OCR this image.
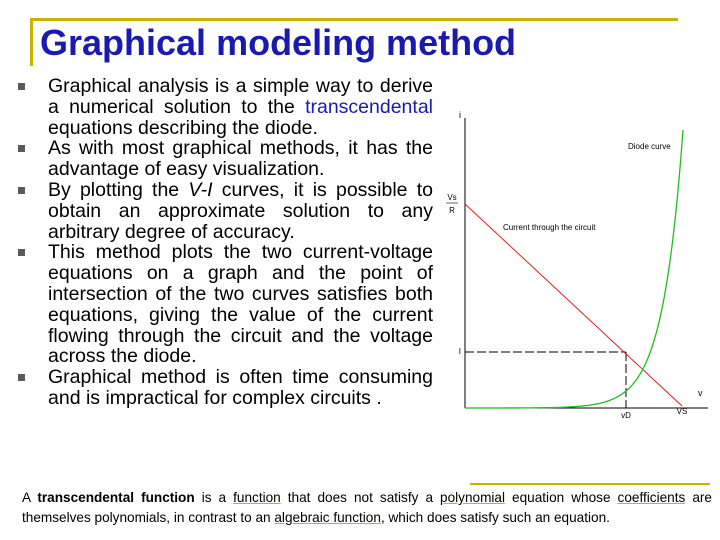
Graphical modeling method
Graphical analysis is a simple way to derive a numerical solution to the transcendental equations describing the diode.
As with most graphical methods, it has the advantage of easy visualization.
By plotting the V-I curves, it is possible to obtain an approximate solution to any arbitrary degree of accuracy.
This method plots the two current-voltage equations on a graph and the point of intersection of the two curves satisfies both equations, giving the value of the current flowing through the circuit and the voltage across the diode.
Graphical method is often time consuming and is impractical for complex circuits .
i
v
Vs
R
I
Diode curve
Current through the circuit
vD	VS
A transcendental function is a function that does not satisfy a polynomial equation whose coefficients are themselves polynomials, in contrast to an algebraic function, which does satisfy such an equation.
